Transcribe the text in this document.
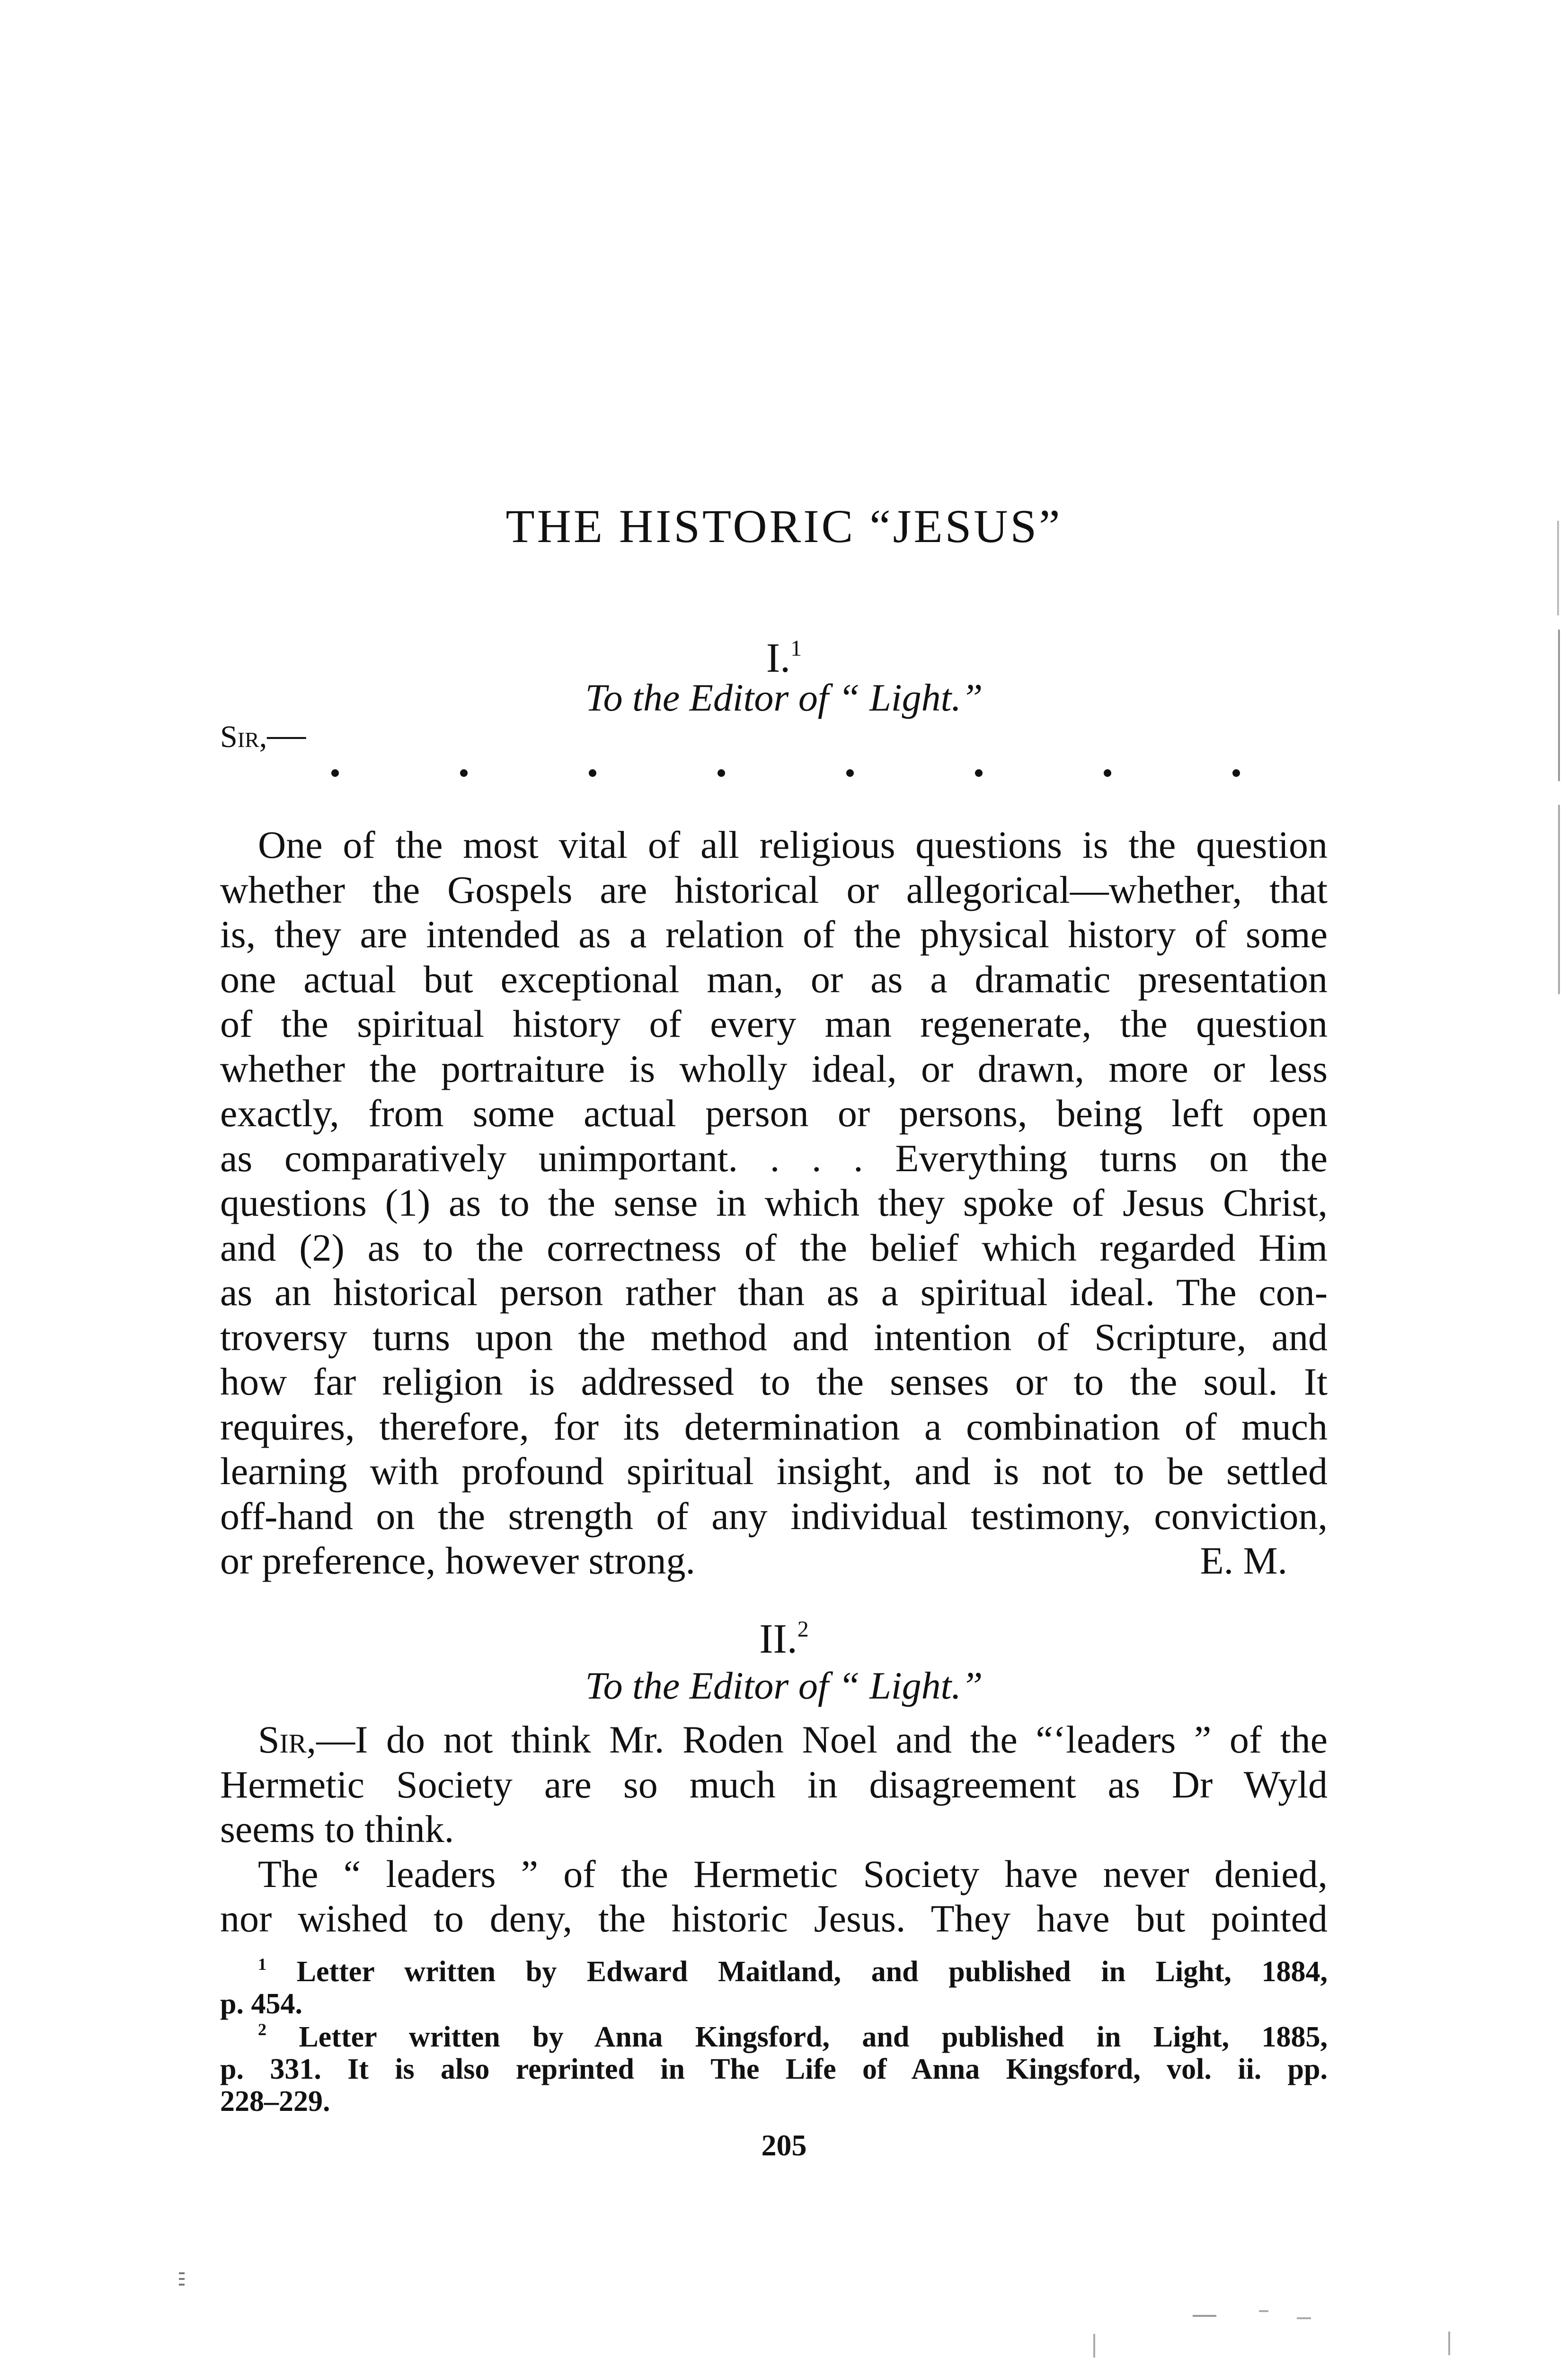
THE HISTORIC “JESUS”
I.$^1$
To the Editor of “ Light.”
Sir,—
One of the most vital of all religious questions is the question
whether the Gospels are historical or allegorical—whether, that
is, they are intended as a relation of the physical history of some
one actual but exceptional man, or as a dramatic presentation
of the spiritual history of every man regenerate, the question
whether the portraiture is wholly ideal, or drawn, more or less
exactly, from some actual person or persons, being left open
as comparatively unimportant. . . . Everything turns on the
questions (1) as to the sense in which they spoke of Jesus Christ,
and (2) as to the correctness of the belief which regarded Him
as an historical person rather than as a spiritual ideal. The con-
troversy turns upon the method and intention of Scripture, and
how far religion is addressed to the senses or to the soul. It
requires, therefore, for its determination a combination of much
learning with profound spiritual insight, and is not to be settled
off-hand on the strength of any individual testimony, conviction,
or preference, however strong.	E. M.
II.$^2$
To the Editor of “ Light.”
Sir,—I do not think Mr. Roden Noel and the “‘leaders ” of the
Hermetic Society are so much in disagreement as Dr Wyld
seems to think.
The “ leaders ” of the Hermetic Society have never denied,
nor wished to deny, the historic Jesus. They have but pointed
$^1$ Letter written by Edward Maitland, and published in Light, 1884,
p. 454.
$^2$ Letter written by Anna Kingsford, and published in Light, 1885,
p. 331. It is also reprinted in The Life of Anna Kingsford, vol. ii. pp.
228–229.
205
